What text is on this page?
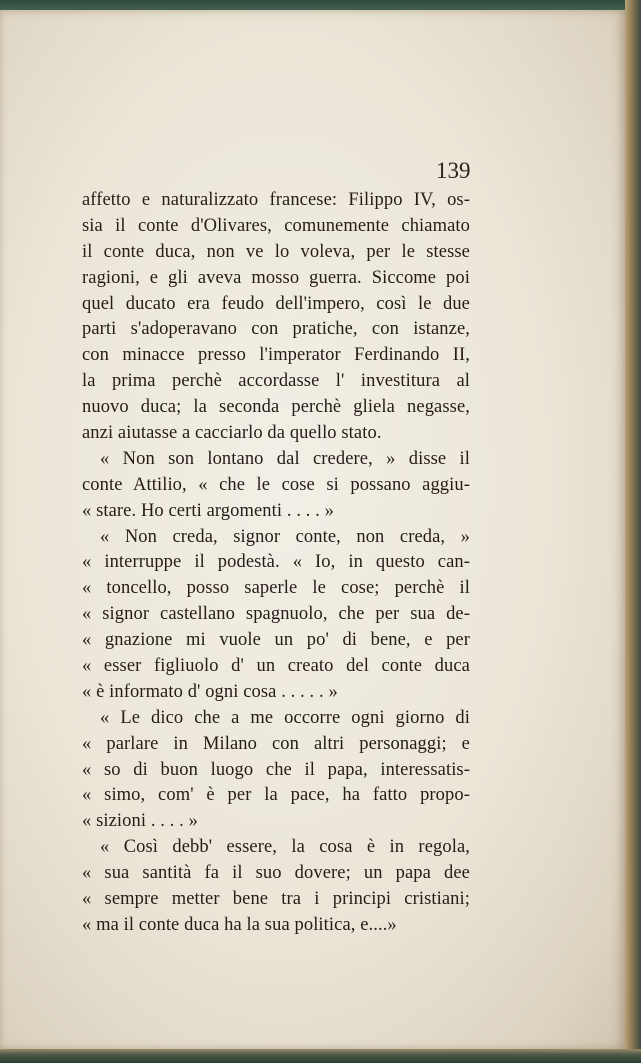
139
affetto e naturalizzato francese: Filippo IV, os-
sia il conte d'Olivares, comunemente chiamato
il conte duca, non ve lo voleva, per le stesse
ragioni, e gli aveva mosso guerra. Siccome poi
quel ducato era feudo dell'impero, così le due
parti s'adoperavano con pratiche, con istanze,
con minacce presso l'imperator Ferdinando II,
la prima perchè accordasse l' investitura al
nuovo duca; la seconda perchè gliela negasse,
anzi aiutasse a cacciarlo da quello stato.
« Non son lontano dal credere, » disse il
conte Attilio, « che le cose si possano aggiu-
« stare. Ho certi argomenti . . . . »
« Non creda, signor conte, non creda, »
« interruppe il podestà. « Io, in questo can-
« toncello, posso saperle le cose; perchè il
« signor castellano spagnuolo, che per sua de-
« gnazione mi vuole un po' di bene, e per
« esser figliuolo d' un creato del conte duca
« è informato d' ogni cosa . . . . . »
« Le dico che a me occorre ogni giorno di
« parlare in Milano con altri personaggi; e
« so di buon luogo che il papa, interessatis-
« simo, com' è per la pace, ha fatto propo-
« sizioni . . . . »
« Così debb' essere, la cosa è in regola,
« sua santità fa il suo dovere; un papa dee
« sempre metter bene tra i principi cristiani;
« ma il conte duca ha la sua politica, e....»
